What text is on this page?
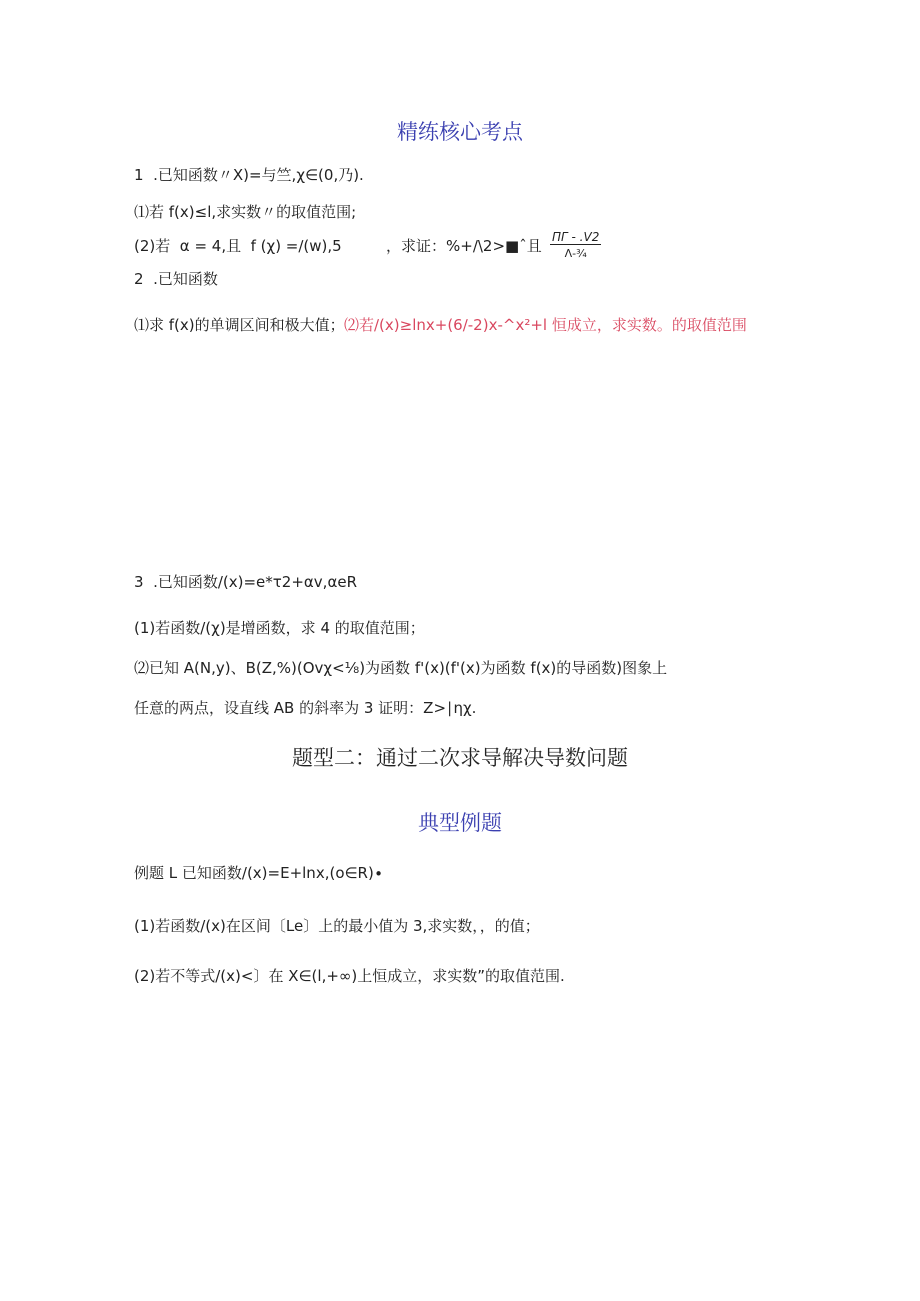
精练核心考点
1  .已知函数〃X)=与竺,χ∈(0,乃).
⑴若 f(x)≤l,求实数〃的取值范围;
(2)若  α = 4,且  f (χ) =∕(w),5	，求证：%+∕\2>■ˆ且 $\frac{\Pi\Gamma - .V2}{\text{Λ-¾}}$
2  .已知函数
⑴求 f(x)的单调区间和极大值； ⑵若∕(x)≥lnx+(6∕-2)x-^x²+l 恒成立，求实数。的取值范围
3  .已知函数/(x)=e*τ2+αv,αeR
(1)若函数/(χ)是增函数，求 4 的取值范围；
⑵已知 A(N,y)、B(Z,%)(Ovχ<⅛)为函数 f'(x)(f'(x)为函数 f(x)的导函数)图象上
任意的两点，设直线 AB 的斜率为 3 证明：Z>∣ηχ.
题型二：通过二次求导解决导数问题
典型例题
例题 L 已知函数/(x)=E+lnx,(o∈R)∙
(1)若函数/(x)在区间〔Le〕上的最小值为 3,求实数，，的值；
(2)若不等式/(x)<〕在 X∈(l,+∞)上恒成立，求实数”的取值范围.
